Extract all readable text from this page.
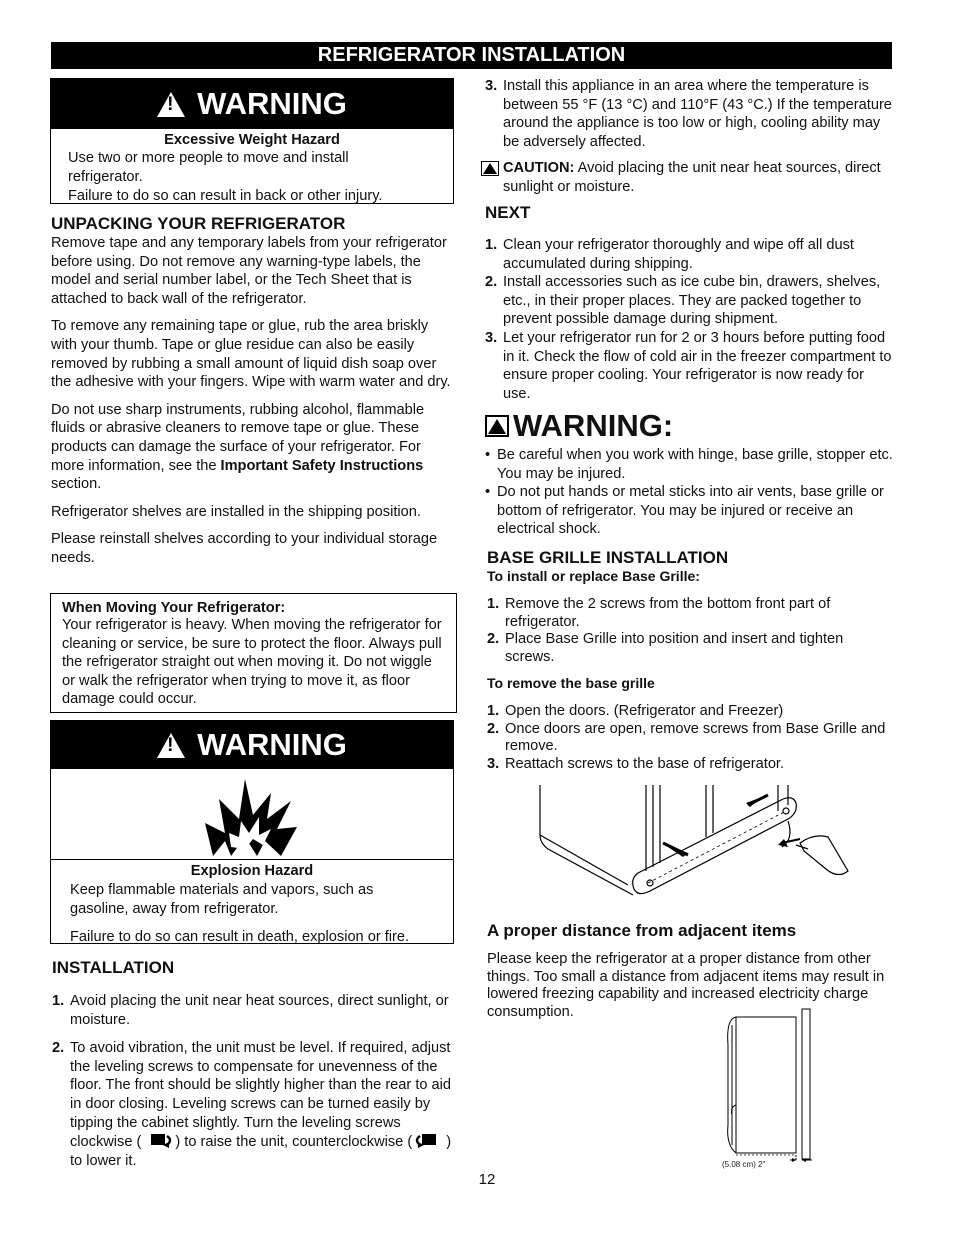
REFRIGERATOR INSTALLATION
!
WARNING
Excessive Weight Hazard
Use two or more people to move and install refrigerator.
Failure to do so can result in back or other injury.
UNPACKING YOUR REFRIGERATOR

Remove tape and any temporary labels from your refrigerator before using. Do not remove any warning-type labels, the model and serial number label, or the Tech Sheet that is attached to back wall of the refrigerator.

To remove any remaining tape or glue, rub the area briskly with your thumb. Tape or glue residue can also be easily removed by rubbing a small amount of liquid dish soap over the adhesive with your fingers. Wipe with warm water and dry.

Do not use sharp instruments, rubbing alcohol, flammable fluids or abrasive cleaners to remove tape or glue. These products can damage the surface of your refrigerator. For more information, see the Important Safety Instructions section.

Refrigerator shelves are installed in the shipping position.

Please reinstall shelves according to your individual storage needs.

When Moving Your Refrigerator:
Your refrigerator is heavy. When moving the refrigerator for cleaning or service, be sure to protect the floor. Always pull the refrigerator straight out when moving it. Do not wiggle or walk the refrigerator when trying to move it, as floor damage could occur.
!
WARNING
Explosion Hazard
Keep flammable materials and vapors, such as gasoline, away from refrigerator.
Failure to do so can result in death, explosion or fire.
INSTALLATION
1. Avoid placing the unit near heat sources, direct sunlight, or moisture.
2. To avoid vibration, the unit must be level. If required, adjust the leveling screws to compensate for unevenness of the floor. The front should be slightly higher than the rear to aid in door closing. Leveling screws can be turned easily by tipping the cabinet slightly. Turn the leveling screws clockwise ( ) to raise the unit, counterclockwise ( ) to lower it.
3. Install this appliance in an area where the temperature is between 55 °F (13 °C) and 110°F (43 °C.) If the temperature around the appliance is too low or high, cooling ability may be adversely affected.
CAUTION: Avoid placing the unit near heat sources, direct sunlight or moisture.
NEXT
1. Clean your refrigerator thoroughly and wipe off all dust accumulated during shipping.
2. Install accessories such as ice cube bin, drawers, shelves, etc., in their proper places. They are packed together to prevent possible damage during shipment.
3. Let your refrigerator run for 2 or 3 hours before putting food in it. Check the flow of cold air in the freezer compartment to ensure proper cooling. Your refrigerator is now ready for use.
WARNING:
• Be careful when you work with hinge, base grille, stopper etc. You may be injured.
• Do not put hands or metal sticks into air vents, base grille or bottom of refrigerator. You may be injured or receive an electrical shock.
BASE GRILLE INSTALLATION
To install or replace Base Grille:
1. Remove the 2 screws from the bottom front part of refrigerator.
2. Place Base Grille into position and insert and tighten screws.
To remove the base grille
1. Open the doors. (Refrigerator and Freezer)
2. Once doors are open, remove screws from Base Grille and remove.
3. Reattach screws to the base of refrigerator.
A proper distance from adjacent items

Please keep the refrigerator at a proper distance from other things. Too small a distance from adjacent items may result in lowered freezing capability and increased electricity charge consumption.

(5.08 cm) 2"
12
